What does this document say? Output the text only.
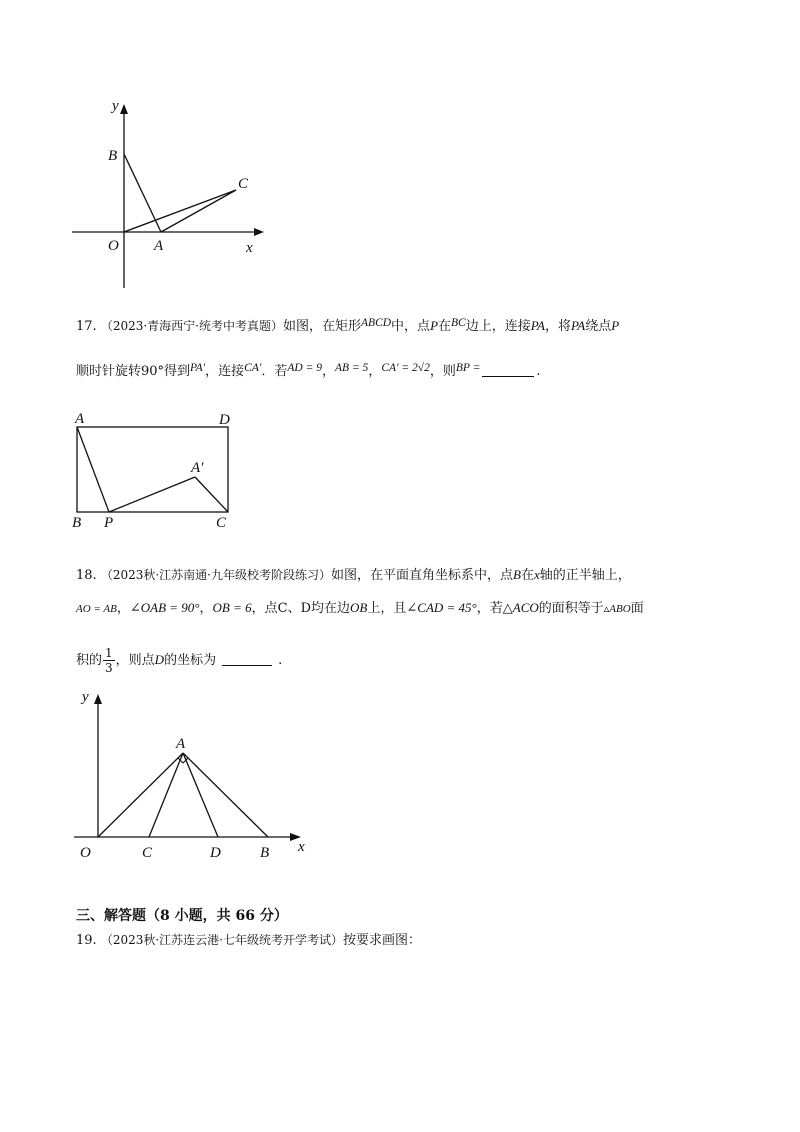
y
B
C
O A	x
17. （2023·青海西宁·统考中考真题）如图，在矩形ABCD中，点P在BC边上，连接PA，将PA绕点P
顺时针旋转90°得到PA′，连接CA′．若AD = 9，AB = 5，CA′ = 2√2，则BP =	.
A	D
A′
B P	C
18. （2023秋·江苏南通·九年级校考阶段练习）如图，在平面直角坐标系中，点B在x轴的正半轴上，
AO = AB，∠OAB = 90°，OB = 6，点C、D均在边OB上，且∠CAD = 45°，若△ACO的面积等于▵ABO面
积的 $\frac{1}{3}$ ，则点D的坐标为	.
y
A
O	C	D	B x
三、解答题（8 小题，共 66 分）
19. （2023秋·江苏连云港·七年级统考开学考试）按要求画图：
